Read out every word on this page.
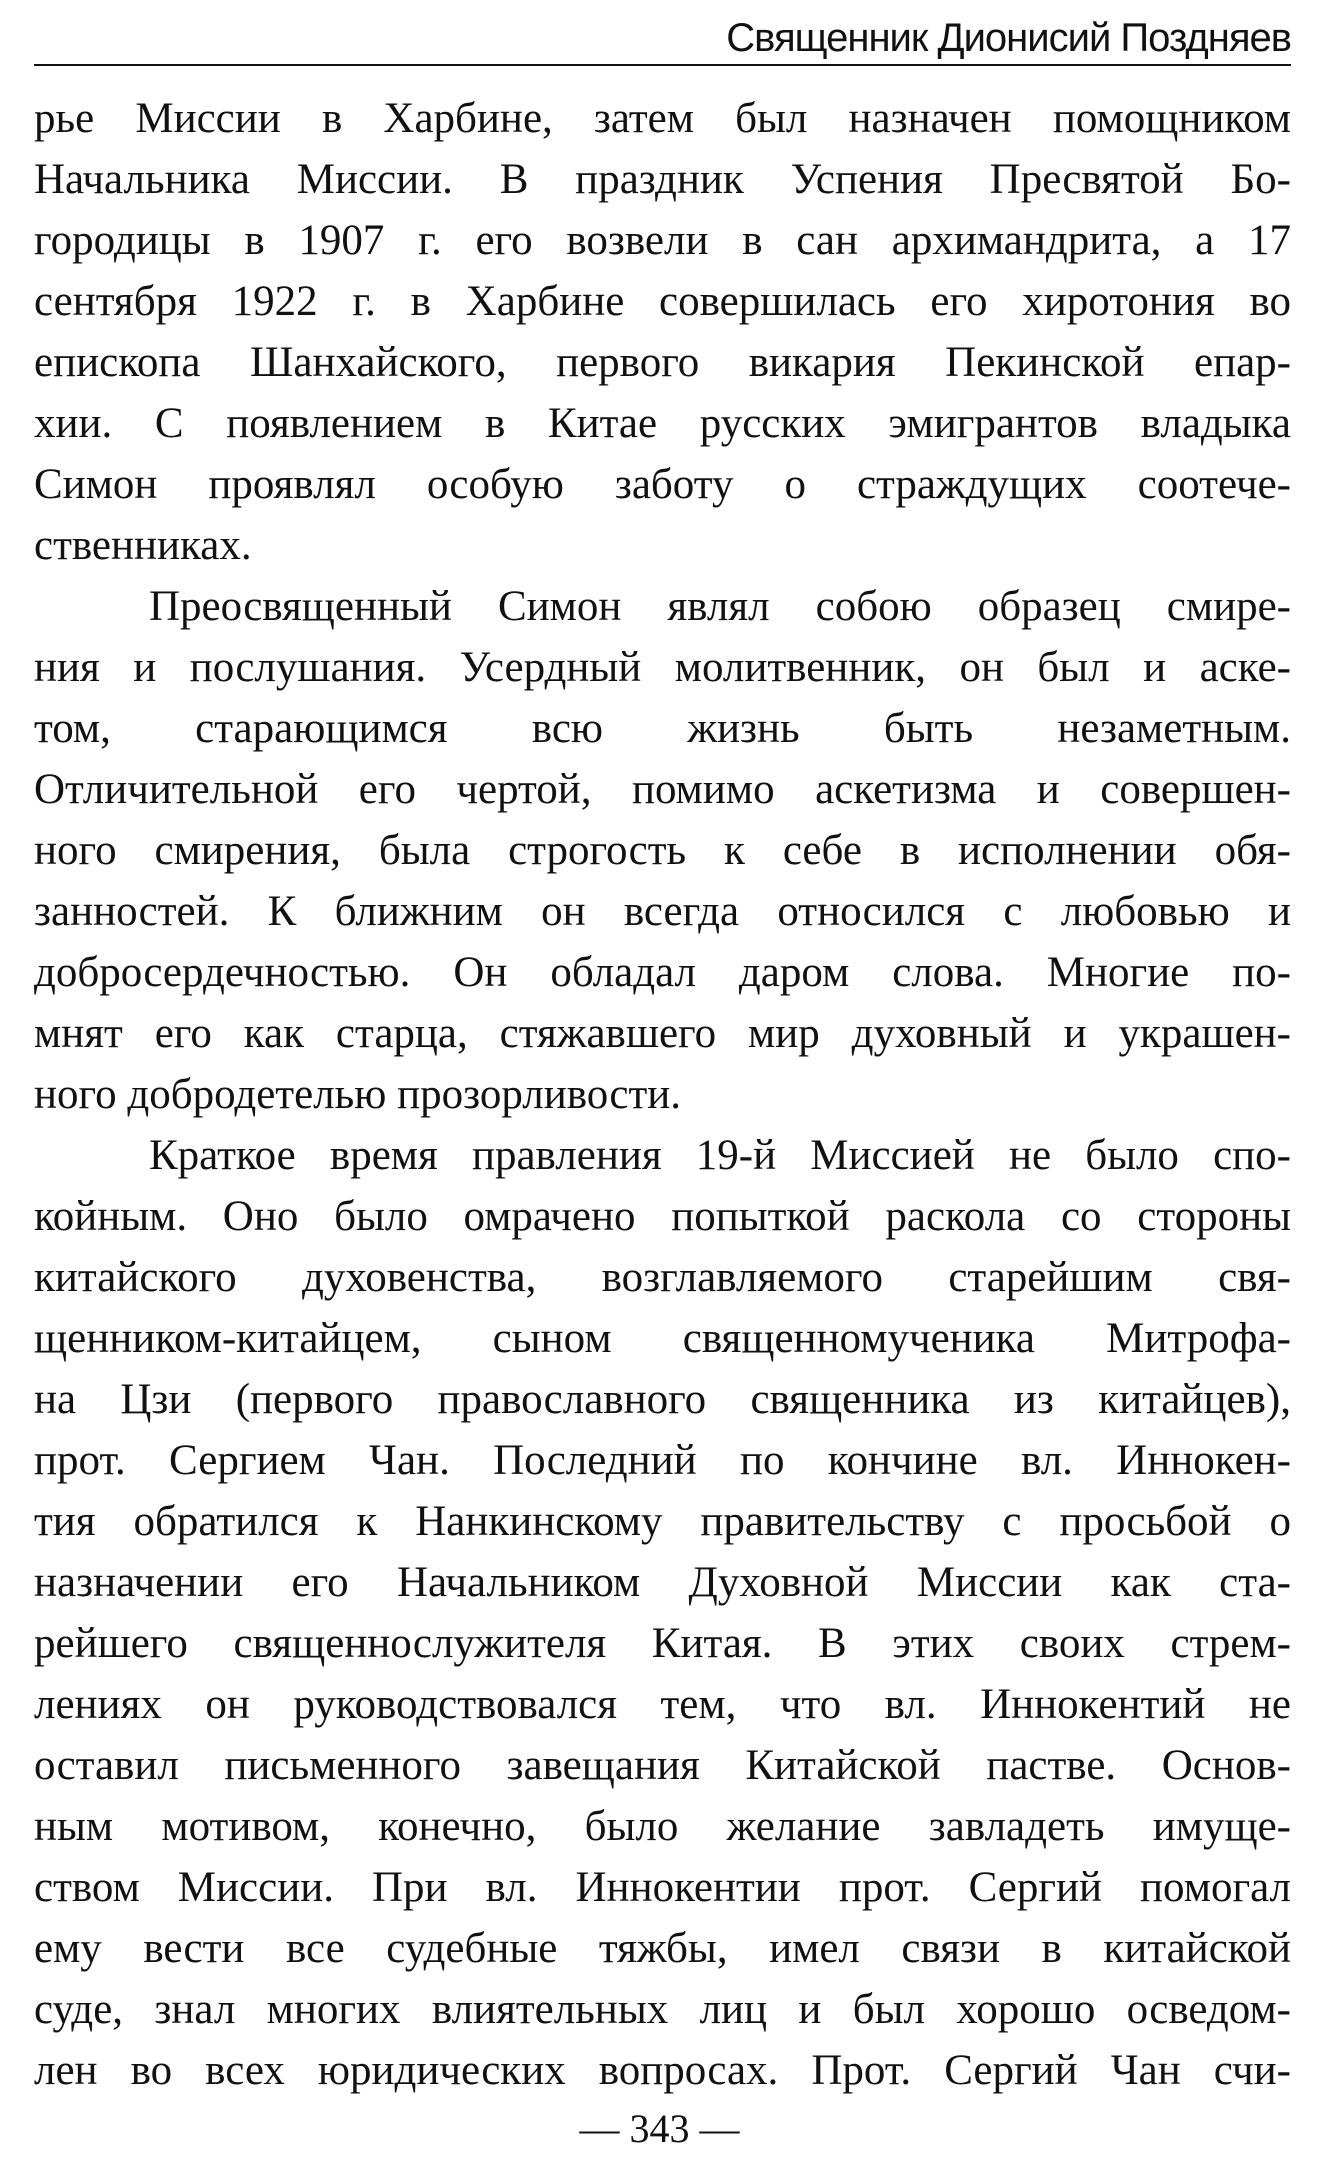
Священник Дионисий Поздняев
рье Миссии в Харбине, затем был назначен помощником
Начальника Миссии. В праздник Успения Пресвятой Бо-
городицы в 1907 г. его возвели в сан архимандрита, а 17
сентября 1922 г. в Харбине совершилась его хиротония во
епископа Шанхайского, первого викария Пекинской епар-
хии. С появлением в Китае русских эмигрантов владыка
Симон проявлял особую заботу о страждущих соотече-
ственниках.
Преосвященный Симон являл собою образец смире-
ния и послушания. Усердный молитвенник, он был и аске-
том, старающимся всю жизнь быть незаметным.
Отличительной его чертой, помимо аскетизма и совершен-
ного смирения, была строгость к себе в исполнении обя-
занностей. К ближним он всегда относился с любовью и
добросердечностью. Он обладал даром слова. Многие по-
мнят его как старца, стяжавшего мир духовный и украшен-
ного добродетелью прозорливости.
Краткое время правления 19-й Миссией не было спо-
койным. Оно было омрачено попыткой раскола со стороны
китайского духовенства, возглавляемого старейшим свя-
щенником-китайцем, сыном священномученика Митрофа-
на Цзи (первого православного священника из китайцев),
прот. Сергием Чан. Последний по кончине вл. Иннокен-
тия обратился к Нанкинскому правительству с просьбой о
назначении его Начальником Духовной Миссии как ста-
рейшего священнослужителя Китая. В этих своих стрем-
лениях он руководствовался тем, что вл. Иннокентий не
оставил письменного завещания Китайской пастве. Основ-
ным мотивом, конечно, было желание завладеть имуще-
ством Миссии. При вл. Иннокентии прот. Сергий помогал
ему вести все судебные тяжбы, имел связи в китайской
суде, знал многих влиятельных лиц и был хорошо осведом-
лен во всех юридических вопросах. Прот. Сергий Чан счи-
— 343 —
